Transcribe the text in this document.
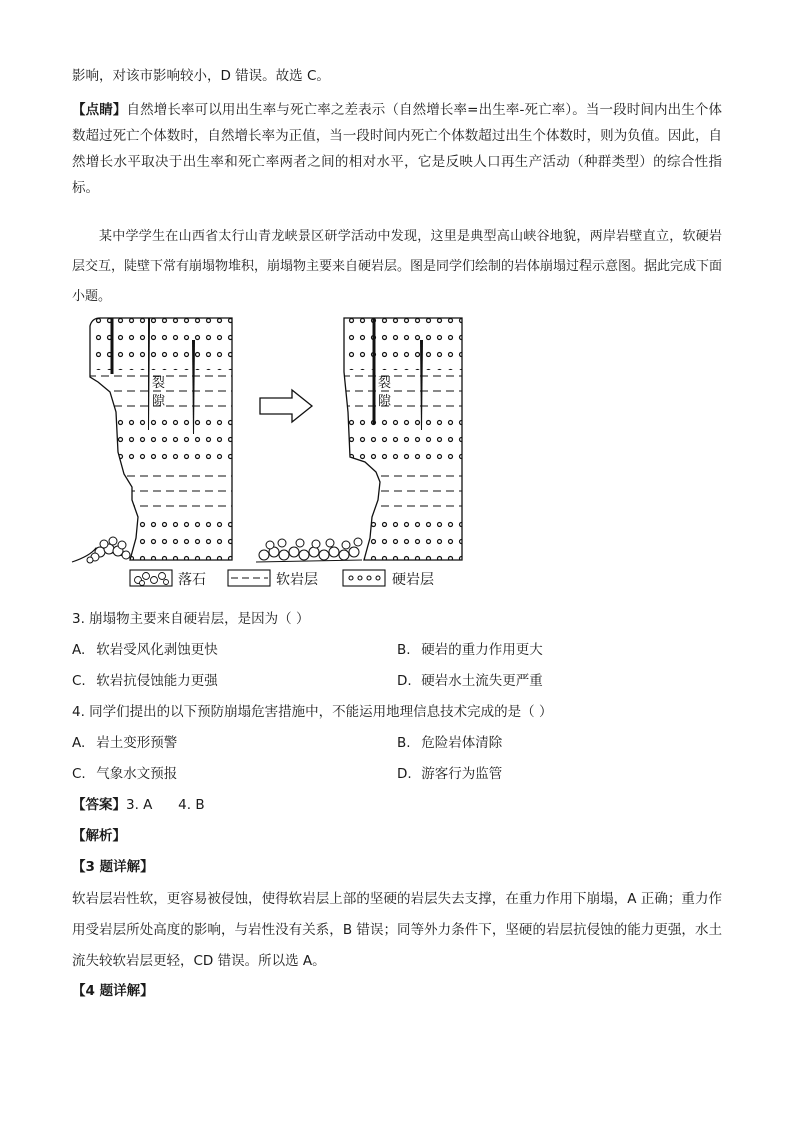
影响，对该市影响较小，D 错误。故选 C。
【点睛】自然增长率可以用出生率与死亡率之差表示（自然增长率=出生率-死亡率）。当一段时间内出生个体数超过死亡个体数时，自然增长率为正值，当一段时间内死亡个体数超过出生个体数时，则为负值。因此，自然增长水平取决于出生率和死亡率两者之间的相对水平，它是反映人口再生产活动（种群类型）的综合性指标。
某中学学生在山西省太行山青龙峡景区研学活动中发现，这里是典型高山峡谷地貌，两岸岩壁直立，软硬岩层交互，陡壁下常有崩塌物堆积，崩塌物主要来自硬岩层。图是同学们绘制的岩体崩塌过程示意图。据此完成下面小题。
裂
隙
裂
隙
落石	软岩层	硬岩层
3. 崩塌物主要来自硬岩层，是因为（ ）
A. 软岩受风化剥蚀更快	B. 硬岩的重力作用更大
C. 软岩抗侵蚀能力更强	D. 硬岩水土流失更严重
4. 同学们提出的以下预防崩塌危害措施中，不能运用地理信息技术完成的是（ ）
A. 岩土变形预警	B. 危险岩体清除
C. 气象水文预报	D. 游客行为监管
【答案】3. A      4. B
【解析】
【3 题详解】
软岩层岩性软，更容易被侵蚀，使得软岩层上部的坚硬的岩层失去支撑，在重力作用下崩塌，A 正确；重力作用受岩层所处高度的影响，与岩性没有关系，B 错误；同等外力条件下，坚硬的岩层抗侵蚀的能力更强，水土流失较软岩层更轻，CD 错误。所以选 A。
【4 题详解】
